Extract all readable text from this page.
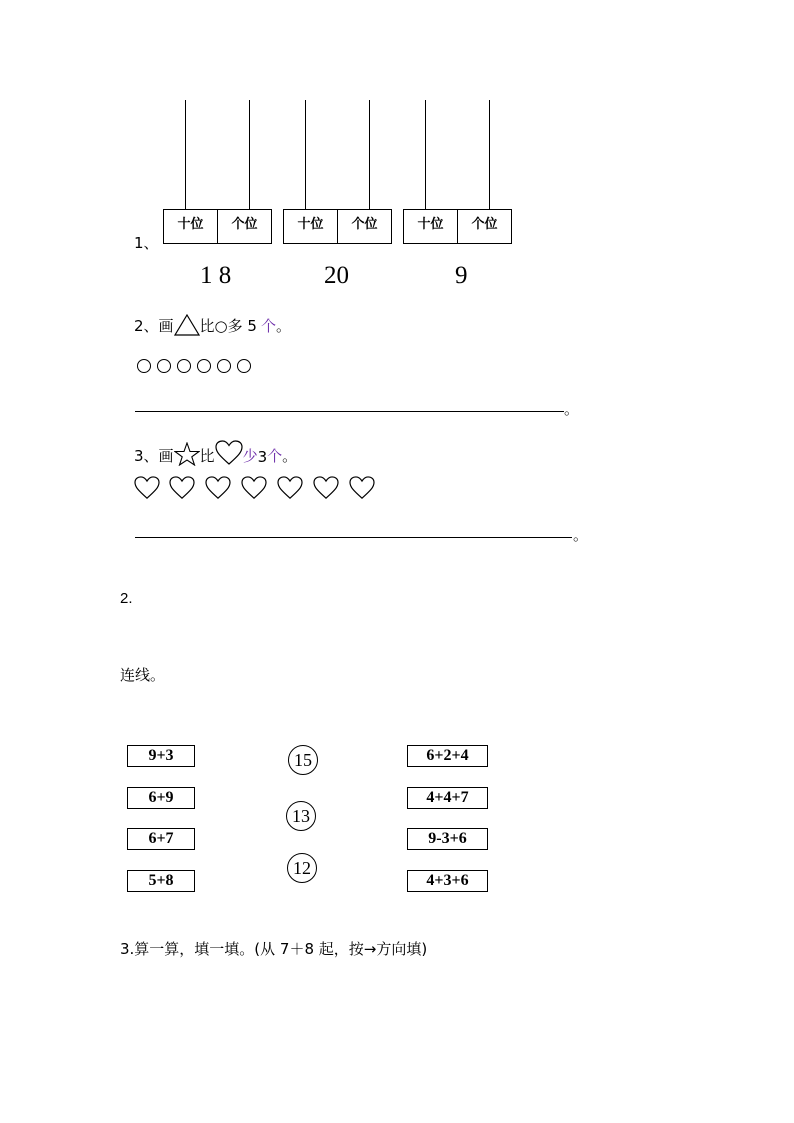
十位	个位	十位	个位	十位	个位
1、
1 8	20	9
2、画 比○多 5 个 。
。
3、画 比 少 3 个 。
。
2.
连线。
9+3
6+9
6+7
5+8
15
13
12
6+2+4
4+4+7
9-3+6
4+3+6
3.算一算，填一填。(从 7＋8 起，按→方向填)
